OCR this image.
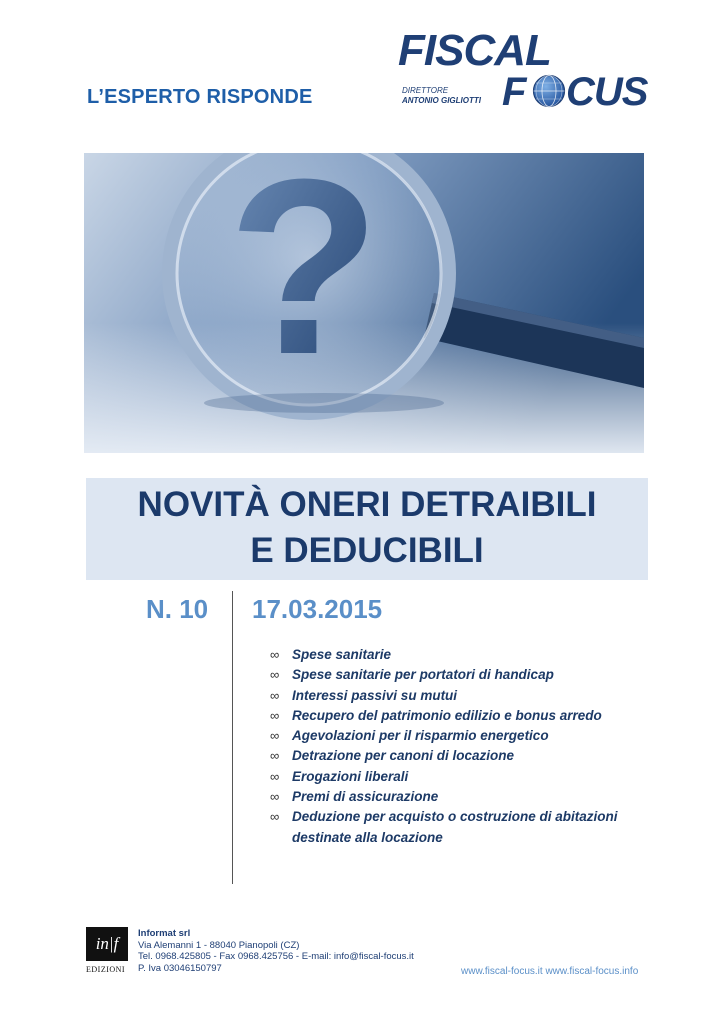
L’ESPERTO RISPONDE
FISCAL
DIRETTORE
ANTONIO GIGLIOTTI F CUS
?
NOVITÀ ONERI DETRAIBILI
E DEDUCIBILI
N. 10 17.03.2015
∞ Spese sanitarie
∞ Spese sanitarie per portatori di handicap
∞ Interessi passivi su mutui
∞ Recupero del patrimonio edilizio e bonus arredo
∞ Agevolazioni per il risparmio energetico
∞ Detrazione per canoni di locazione
∞ Erogazioni liberali
∞ Premi di assicurazione
∞ Deduzione per acquisto o costruzione di abitazioni
destinate alla locazione
in|f
EDIZIONI
Informat srl
Via Alemanni 1 - 88040 Pianopoli (CZ)
Tel. 0968.425805 - Fax 0968.425756 - E-mail: info@fiscal-focus.it
P. Iva 03046150797	www.fiscal-focus.it www.fiscal-focus.info
